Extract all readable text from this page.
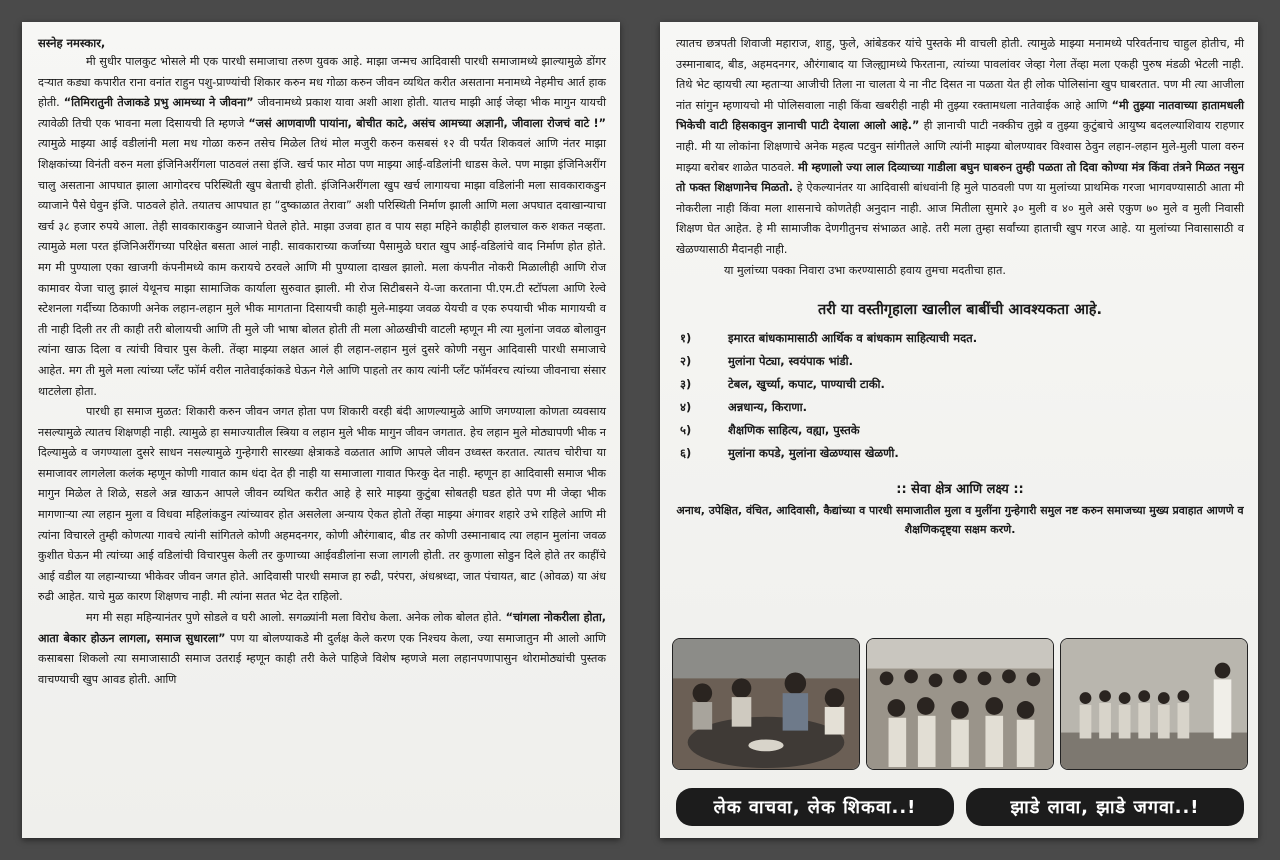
सस्नेह नमस्कार,

मी सुधीर पालकुट भोसले मी एक पारधी समाजाचा तरुण युवक आहे. माझा जन्मच आदिवासी पारधी समाजामध्ये झाल्यामुळे डोंगर दऱ्यात कड्या कपारीत राना वनांत राहुन पशु-प्राण्यांची शिकार करुन मध गोळा करुन जीवन व्यथित करीत असताना मनामध्ये नेहमीच आर्त हाक होती. “तिमिरातुनी तेजाकडे प्रभु आमच्या ने जीवना” जीवनामध्ये प्रकाश यावा अशी आशा होती. यातच माझी आई जेव्हा भीक मागुन यायची त्यावेळी तिची एक भावना मला दिसायची ति म्हणजे “जसं आणवाणी पायांना, बोचीत काटे, असंच आमच्या अज्ञानी, जीवाला रोजचं वाटे !” त्यामुळे माझ्या आई वडीलांनी मला मध गोळा करुन तसेच मिळेल तिथं मोल मजुरी करुन कसबसं १२ वी पर्यंत शिकवलं आणि नंतर माझा शिक्षकांच्या विनंती वरुन मला इंजिनिअरींगला पाठवलं तसा इंजि. खर्च फार मोठा पण माझ्या आई-वडिलांनी धाडस केले. पण माझा इंजिनिअरींग चालु असताना आपघात झाला आगोदरच परिस्थिती खुप बेताची होती. इंजिनिअरींगला खुप खर्च लागायचा माझा वडिलांनी मला सावकाराकडुन व्याजाने पैसे घेवुन इंजि. पाठवले होते. तयातच आपघात हा “दुष्काळात तेरावा” अशी परिस्थिती निर्माण झाली आणि मला अपघात दवाखान्याचा खर्च ३८ हजार रुपये आला. तेही सावकाराकडुन व्याजाने घेतले होते. माझा उजवा हात व पाय सहा महिने काहीही हालचाल करु शकत नव्हता. त्यामुळे मला परत इंजिनिअरींगच्या परिक्षेत बसता आलं नाही. सावकाराच्या कर्जाच्या पैसामुळे घरात खुप आई-वडिलांचे वाद निर्माण होत होते. मग मी पुण्याला एका खाजगी कंपनीमध्ये काम करायचे ठरवले आणि मी पुण्याला दाखल झालो. मला कंपनीत नोकरी मिळालीही आणि रोज कामावर येजा चालु झालं येथूनच माझा सामाजिक कार्याला सुरुवात झाली. मी रोज सिटीबसने ये-जा करताना पी.एम.टी स्टॉपला आणि रेल्वे स्टेशनला गर्दीच्या ठिकाणी अनेक लहान-लहान मुले भीक मागताना दिसायची काही मुले-माझ्या जवळ येयची व एक रुपयाची भीक मागायची व ती नाही दिली तर ती काही तरी बोलायची आणि ती मुले जी भाषा बोलत होती ती मला ओळखीची वाटली म्हणून मी त्या मुलांना जवळ बोलावुन त्यांना खाऊ दिला व त्यांची विचार पुस केली. तेंव्हा माझ्या लक्षत आलं ही लहान-लहान मुलं दुसरे कोणी नसुन आदिवासी पारधी समाजाचे आहेत. मग ती मुले मला त्यांच्या प्लॅंट फॉर्म वरील नातेवाईकांकडे घेऊन गेले आणि पाहतो तर काय त्यांनी प्लॅंट फॉर्मवरच त्यांच्या जीवनाचा संसार थाटलेला होता.

पारधी हा समाज मुळत: शिकारी करुन जीवन जगत होता पण शिकारी वरही बंदी आणल्यामुळे आणि जगण्याला कोणता व्यवसाय नसल्यामुळे त्यातच शिक्षणही नाही. त्यामुळे हा समाज्यातील स्त्रिया व लहान मुले भीक मागुन जीवन जगतात. हेच लहान मुले मोठ्यापणी भीक न दिल्यामुळे व जगण्याला दुसरे साधन नसल्यामुळे गुन्हेगारी सारख्या क्षेत्राकडे वळतात आणि आपले जीवन उध्वस्त करतात. त्यातच चोरीचा या समाजावर लागलेला कलंक म्हणून कोणी गावात काम धंदा देत ही नाही या समाजाला गावात फिरकु देत नाही. म्हणून हा आदिवासी समाज भीक मागुन मिळेल ते शिळे, सडले अन्न खाऊन आपले जीवन व्यथित करीत आहे हे सारे माझ्या कुटुंबा सोबतही घडत होते पण मी जेव्हा भीक मागणाऱ्या त्या लहान मुला व विधवा महिलांकडुन त्यांच्यावर होत असलेला अन्याय ऐकत होतो तेंव्हा माझ्या अंगावर शहारे उभे राहिले आणि मी त्यांना विचारले तुम्ही कोणत्या गावचे त्यांनी सांगितले कोणी अहमदनगर, कोणी औरंगाबाद, बीड तर कोणी उस्मानाबाद त्या लहान मुलांना जवळ कुशीत घेऊन मी त्यांच्या आई वडिलांची विचारपुस केली तर कुणाच्या आईवडीलांना सजा लागली होती. तर कुणाला सोडुन दिले होते तर काहींचे आई वडील या लहान्याच्या भीकेवर जीवन जगत होते. आदिवासी पारधी समाज हा रुढी, परंपरा, अंधश्रध्दा, जात पंचायत, बाट (ओवळ) या अंध रुढी आहेत. याचे मुळ कारण शिक्षणच नाही. मी त्यांना सतत भेट देत राहिलो.

मग मी सहा महिन्यानंतर पुणे सोडले व घरी आलो. सगळ्यांनी मला विरोध केला. अनेक लोक बोलत होते. “चांगला नोकरीला होता, आता बेकार होऊन लागला, समाज सुधारला” पण या बोलण्याकडे मी दुर्लक्ष केले करण एक निश्चय केला, ज्या समाजातुन मी आलो आणि कसाबसा शिकलो त्या समाजासाठी समाज उतराई म्हणून काही तरी केले पाहिजे विशेष म्हणजे मला लहानपणापासुन थोरामोठ्यांची पुस्तक वाचण्याची खुप आवड होती. आणि

त्यातच छत्रपती शिवाजी महाराज, शाहु, फुले, आंबेडकर यांचे पुस्तके मी वाचली होती. त्यामुळे माझ्या मनामध्ये परिवर्तनाच चाहुल होतीच, मी उस्मानाबाद, बीड, अहमदनगर, औरंगाबाद या जिल्ह्यामध्ये फिरताना, त्यांच्या पावलांवर जेव्हा गेला तेंव्हा मला एकही पुरुष मंडळी भेटली नाही. तिथे भेट व्हायची त्या म्हताऱ्या आजीची तिला ना चालता ये ना नीट दिसत ना पळता येत ही लोक पोलिसांना खुप घाबरतात. पण मी त्या आजीला नांत सांगुन म्हणायचो मी पोलिसवाला नाही किंवा खबरीही नाही मी तुझ्या रक्तामधला नातेवाईक आहे आणि “मी तुझ्या नातवाच्या हातामधली भिकेची वाटी हिसकावुन ज्ञानाची पाटी देयाला आलो आहे.” ही ज्ञानाची पाटी नक्कीच तुझे व तुझ्या कुटुंबाचे आयुष्य बदलल्याशिवाय राहणार नाही. मी या लोकांना शिक्षणाचे अनेक महत्व पटवुन सांगीतले आणि त्यांनी माझ्या बोलण्यावर विश्वास ठेवुन लहान-लहान मुले-मुली पाला वरुन माझ्या बरोबर शाळेत पाठवले. मी म्हणालो ज्या लाल दिव्याच्या गाडीला बघुन घाबरुन तुम्ही पळता तो दिवा कोण्या मंत्र किंवा तंत्रने मिळत नसुन तो फक्त शिक्षणानेच मिळतो. हे ऐकल्यानंतर या आदिवासी बांधवांनी हि मुले पाठवली पण या मुलांच्या प्राथमिक गरजा भागवण्यासाठी आता मी नोकरीला नाही किंवा मला शासनाचे कोणतेही अनुदान नाही. आज मितीला सुमारे ३० मुली व ४० मुले असे एकुण ७० मुले व मुली निवासी शिक्षण घेत आहेत. हे मी सामाजीक देणगीतुनच संभाळत आहे. तरी मला तुम्हा सर्वांच्या हाताची खुप गरज आहे. या मुलांच्या निवासासाठी व खेळण्यासाठी मैदानही नाही.

या मुलांच्या पक्का निवारा उभा करण्यासाठी हवाय तुमचा मदतीचा हात.

तरी या वस्तीगृहाला खालील बाबींची आवश्यकता आहे.
१)	इमारत बांधकामासाठी आर्थिक व बांधकाम साहित्याची मदत.
२)	मुलांना पेट्या, स्वयंपाक भांडी.
३)	टेबल, खुर्च्या, कपाट, पाण्याची टाकी.
४)	अन्नधान्य, किराणा.
५)	शैक्षणिक साहित्य, वह्या, पुस्तके
६)	मुलांना कपडे, मुलांना खेळण्यास खेळणी.
:: सेवा क्षेत्र आणि लक्ष्य ::

अनाथ, उपेक्षित, वंचित, आदिवासी, कैद्यांच्या व पारधी समाजातील मुला व मुलींना गुन्हेगारी समुल नष्ट करुन समाजच्या मुख्य प्रवाहात आणणे व शैक्षणिकदृष्ट्या सक्षम करणे.

लेक वाचवा, लेक शिकवा..!	झाडे लावा, झाडे जगवा..!
